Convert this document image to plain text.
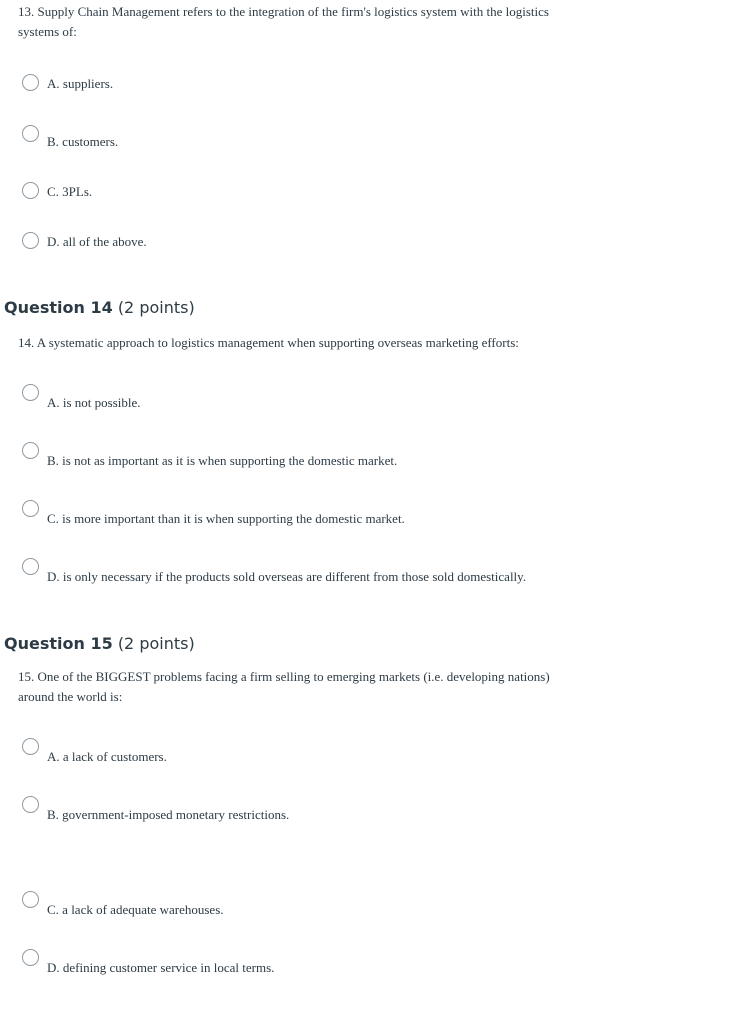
13. Supply Chain Management refers to the integration of the firm's logistics system with the logistics
systems of:
A. suppliers.
B. customers.
C. 3PLs.
D. all of the above.
Question 14 (2 points)
14. A systematic approach to logistics management when supporting overseas marketing efforts:
A. is not possible.
B. is not as important as it is when supporting the domestic market.
C. is more important than it is when supporting the domestic market.
D. is only necessary if the products sold overseas are different from those sold domestically.
Question 15 (2 points)
15. One of the BIGGEST problems facing a firm selling to emerging markets (i.e. developing nations)
around the world is:
A. a lack of customers.
B. government-imposed monetary restrictions.
C. a lack of adequate warehouses.
D. defining customer service in local terms.
